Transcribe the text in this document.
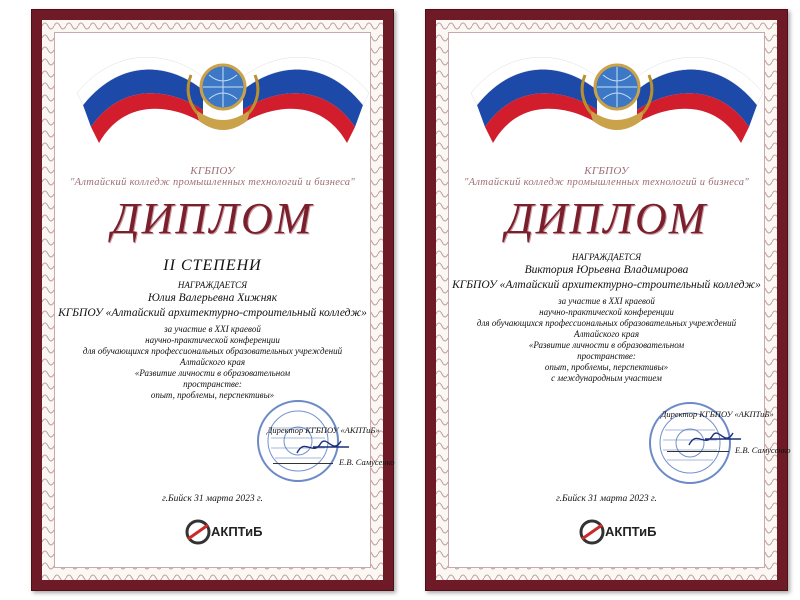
КГБПОУ
"Алтайский колледж промышленных технологий и бизнеса"
ДИПЛОМ
II СТЕПЕНИ
НАГРАЖДАЕТСЯ
Юлия Валерьевна Хижняк
КГБПОУ «Алтайский архитектурно-строительный колледж»
за участие в XXI краевой
научно-практической конференции
для обучающихся профессиональных образовательных учреждений
Алтайского края
«Развитие личности в образовательном
пространстве:
опыт, проблемы, перспективы»
Директор КГБПОУ «АКПТиБ»
Е.В. Самусенко
г.Бийск 31 марта 2023 г.
АКПТиБ
КГБПОУ
"Алтайский колледж промышленных технологий и бизнеса"
ДИПЛОМ
НАГРАЖДАЕТСЯ
Виктория Юрьевна Владимирова
КГБПОУ «Алтайский архитектурно-строительный колледж»
за участие в XXI краевой
научно-практической конференции
для обучающихся профессиональных образовательных учреждений
Алтайского края
«Развитие личности в образовательном
пространстве:
опыт, проблемы, перспективы»
с международным участием
Директор КГБПОУ «АКПТиБ»
Е.В. Самусенко
г.Бийск 31 марта 2023 г.
АКПТиБ
